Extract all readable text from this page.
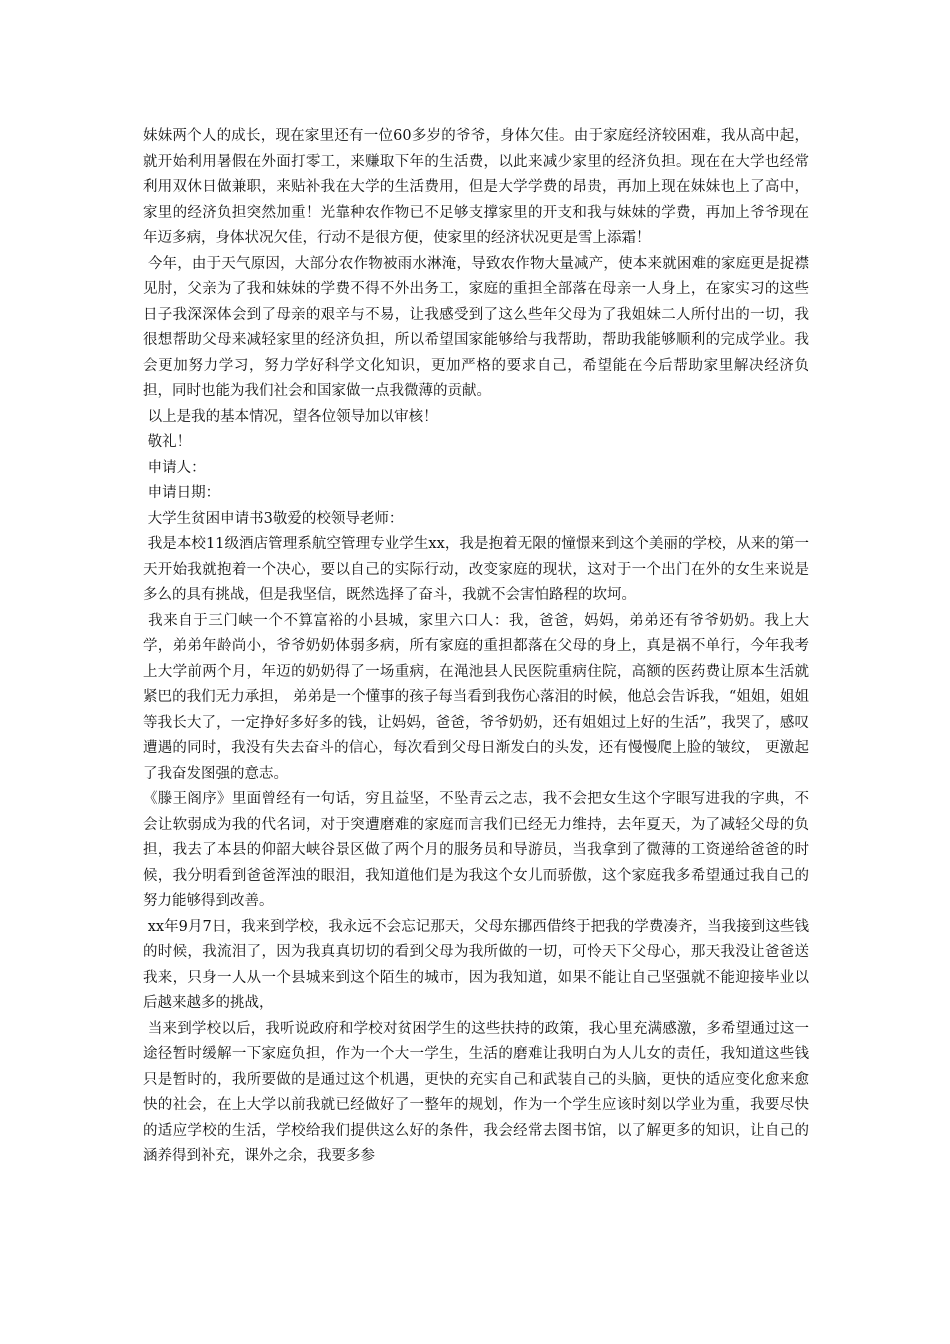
妹妹两个人的成长，现在家里还有一位60多岁的爷爷，身体欠佳。由于家庭经济较困难，我从高中起，就开始利用暑假在外面打零工，来赚取下年的生活费，以此来减少家里的经济负担。现在在大学也经常利用双休日做兼职，来贴补我在大学的生活费用，但是大学学费的昂贵，再加上现在妹妹也上了高中，家里的经济负担突然加重！光靠种农作物已不足够支撑家里的开支和我与妹妹的学费，再加上爷爷现在年迈多病，身体状况欠佳，行动不是很方便，使家里的经济状况更是雪上添霜！

今年，由于天气原因，大部分农作物被雨水淋淹，导致农作物大量减产，使本来就困难的家庭更是捉襟见肘，父亲为了我和妹妹的学费不得不外出务工，家庭的重担全部落在母亲一人身上，在家实习的这些日子我深深体会到了母亲的艰辛与不易，让我感受到了这么些年父母为了我姐妹二人所付出的一切，我很想帮助父母来减轻家里的经济负担，所以希望国家能够给与我帮助，帮助我能够顺利的完成学业。我会更加努力学习，努力学好科学文化知识，更加严格的要求自己，希望能在今后帮助家里解决经济负担，同时也能为我们社会和国家做一点我微薄的贡献。

以上是我的基本情况，望各位领导加以审核！

敬礼！

申请人：

申请日期：

大学生贫困申请书3敬爱的校领导老师：

我是本校11级酒店管理系航空管理专业学生xx，我是抱着无限的憧憬来到这个美丽的学校，从来的第一天开始我就抱着一个决心，要以自己的实际行动，改变家庭的现状，这对于一个出门在外的女生来说是多么的具有挑战，但是我坚信，既然选择了奋斗，我就不会害怕路程的坎坷。

我来自于三门峡一个不算富裕的小县城，家里六口人：我，爸爸，妈妈，弟弟还有爷爷奶奶。我上大学，弟弟年龄尚小，爷爷奶奶体弱多病，所有家庭的重担都落在父母的身上，真是祸不单行，今年我考上大学前两个月，年迈的奶奶得了一场重病，在渑池县人民医院重病住院，高额的医药费让原本生活就紧巴的我们无力承担， 弟弟是一个懂事的孩子每当看到我伤心落泪的时候，他总会告诉我，“姐姐，姐姐等我长大了，一定挣好多好多的钱，让妈妈，爸爸，爷爷奶奶，还有姐姐过上好的生活”，我哭了，感叹遭遇的同时，我没有失去奋斗的信心，每次看到父母日渐发白的头发，还有慢慢爬上脸的皱纹， 更激起了我奋发图强的意志。

《滕王阁序》里面曾经有一句话，穷且益坚，不坠青云之志，我不会把女生这个字眼写进我的字典，不会让软弱成为我的代名词，对于突遭磨难的家庭而言我们已经无力维持，去年夏天，为了减轻父母的负担，我去了本县的仰韶大峡谷景区做了两个月的服务员和导游员，当我拿到了微薄的工资递给爸爸的时候，我分明看到爸爸浑浊的眼泪，我知道他们是为我这个女儿而骄傲，这个家庭我多希望通过我自己的努力能够得到改善。

xx年9月7日，我来到学校，我永远不会忘记那天，父母东挪西借终于把我的学费凑齐，当我接到这些钱的时候，我流泪了，因为我真真切切的看到父母为我所做的一切，可怜天下父母心，那天我没让爸爸送我来，只身一人从一个县城来到这个陌生的城市，因为我知道，如果不能让自己坚强就不能迎接毕业以后越来越多的挑战，

当来到学校以后，我听说政府和学校对贫困学生的这些扶持的政策，我心里充满感激，多希望通过这一途径暂时缓解一下家庭负担，作为一个大一学生，生活的磨难让我明白为人儿女的责任，我知道这些钱只是暂时的，我所要做的是通过这个机遇，更快的充实自己和武装自己的头脑，更快的适应变化愈来愈快的社会，在上大学以前我就已经做好了一整年的规划，作为一个学生应该时刻以学业为重，我要尽快的适应学校的生活，学校给我们提供这么好的条件，我会经常去图书馆，以了解更多的知识，让自己的涵养得到补充，课外之余，我要多参
